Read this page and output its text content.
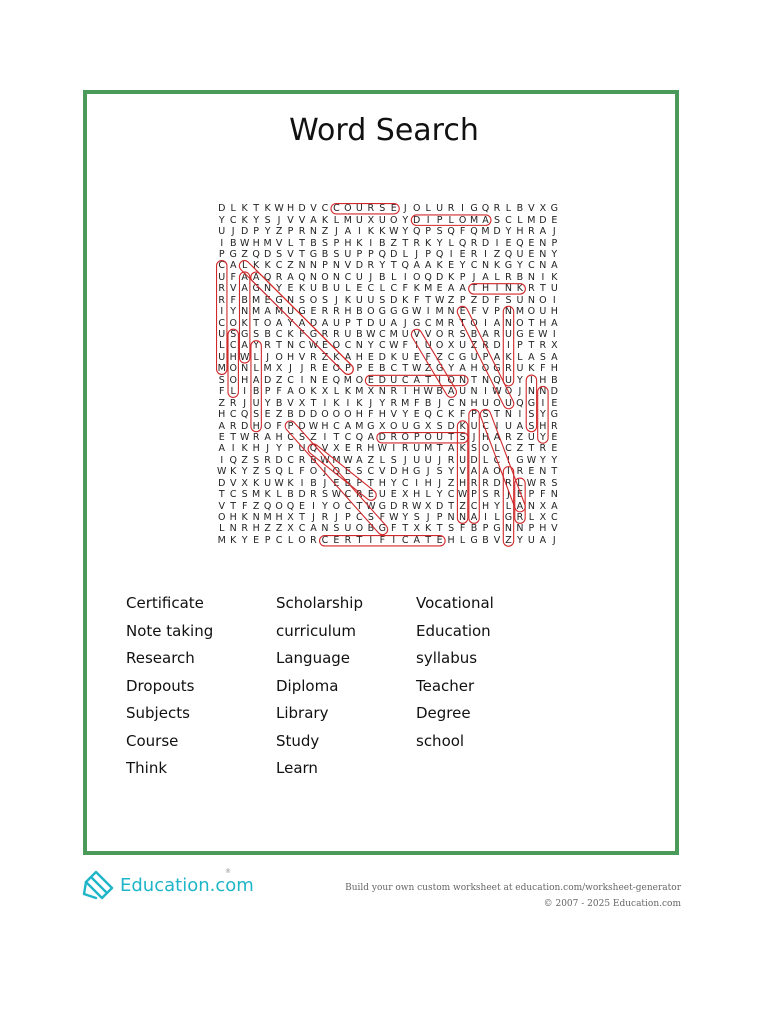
Word Search
D L K T K W H D V C C O U R S E J O L U R I G Q R L B V X G
Y C K Y S J V V A K L M U X U O Y D I P L O M A S C L M D E
U J D P Y Z P R N Z J A I K K W Y Q P S Q F Q M D Y H R A J
I B W H M V L T B S P H K I B Z T R K Y L Q R D I E Q E N P
P G Z Q D S V T G B S U P P Q D L J P Q I E R I Z Q U E N Y
C A L K K C Z N N P N V D R Y T Q A A K E Y C N K G Y C N A
U F A A Q R A Q N O N C U J B L I O Q D K P J A L R B N I K
R V A G N Y E K U B U L E C L C F K M E A A T H I N K R T U
R F B M E G N S O S J K U U S D K F T W Z P Z D F S U N O I
I Y N M A M U G E R R H B O G G G W I M N E F V P N M O U H
C O K T O A Y A D A U P T D U A J G C M R T O I A N O T H A
U S G S B C K F G R R U B W C M U V V O R S B A R U G E W I
L C A Y R T N C W E O C N Y C W F I U O X U Z R D I P T R X
U H W L J O H V R Z K A H E D K U E F Z C G U P A K L A S A
M O N L M X J J R E O P P E B C T W Z G Y A H O G R U K F H
S O H A D Z C I N E Q M O E D U C A T I O N T N Q U Y I H B
F L I B P F A O K X L K M X N R I H W B A U N I W O J N N D
Z R J U Y B V X T I K I K J Y R M F B J C N H U O U Q G I E
H C Q S E Z B D D O O O H F H V Y E Q C K F P S T N I S Y G
A R D H O F P D W H C A M G X O U G X S D K U C I U A S H R
E T W R A H C S Z I T C Q A D R O P O U T S J H A R Z U Y E
A I K H J Y P U Q V X E R H W I R U M T A K S O L C Z T R E
I Q Z S R D C R B W M W A Z L S J U U J R U D L C I G W Y Y
W K Y Z S Q L F O J Q E S C V D H G J S Y V A A O I R E N T
D V X K U W K I B J E B P T H Y C I H J Z H R R D R L W R S
T C S M K L B D R S W C R E U E X H L Y C W P S R J E P F N
V T F Z Q O Q E I Y O C T W G D R W X D T Z C H Y L A N X A
O H K N M H X T J R J P C S F W Y S J P N N A I L G R L X C
L N R H Z Z X C A N S U O B G F T X K T S F B P G N N P H V
M K Y E P C L O R C E R T I F I C A T E H L G B V Z Y U A J
Certificate	Scholarship	Vocational
Note taking	curriculum	Education
Research	Language	syllabus
Dropouts	Diploma	Teacher
Subjects	Library	Degree
Course	Study	school
Think	Learn
Education.com
®
Build your own custom worksheet at education.com/worksheet-generator
© 2007 - 2025 Education.com
